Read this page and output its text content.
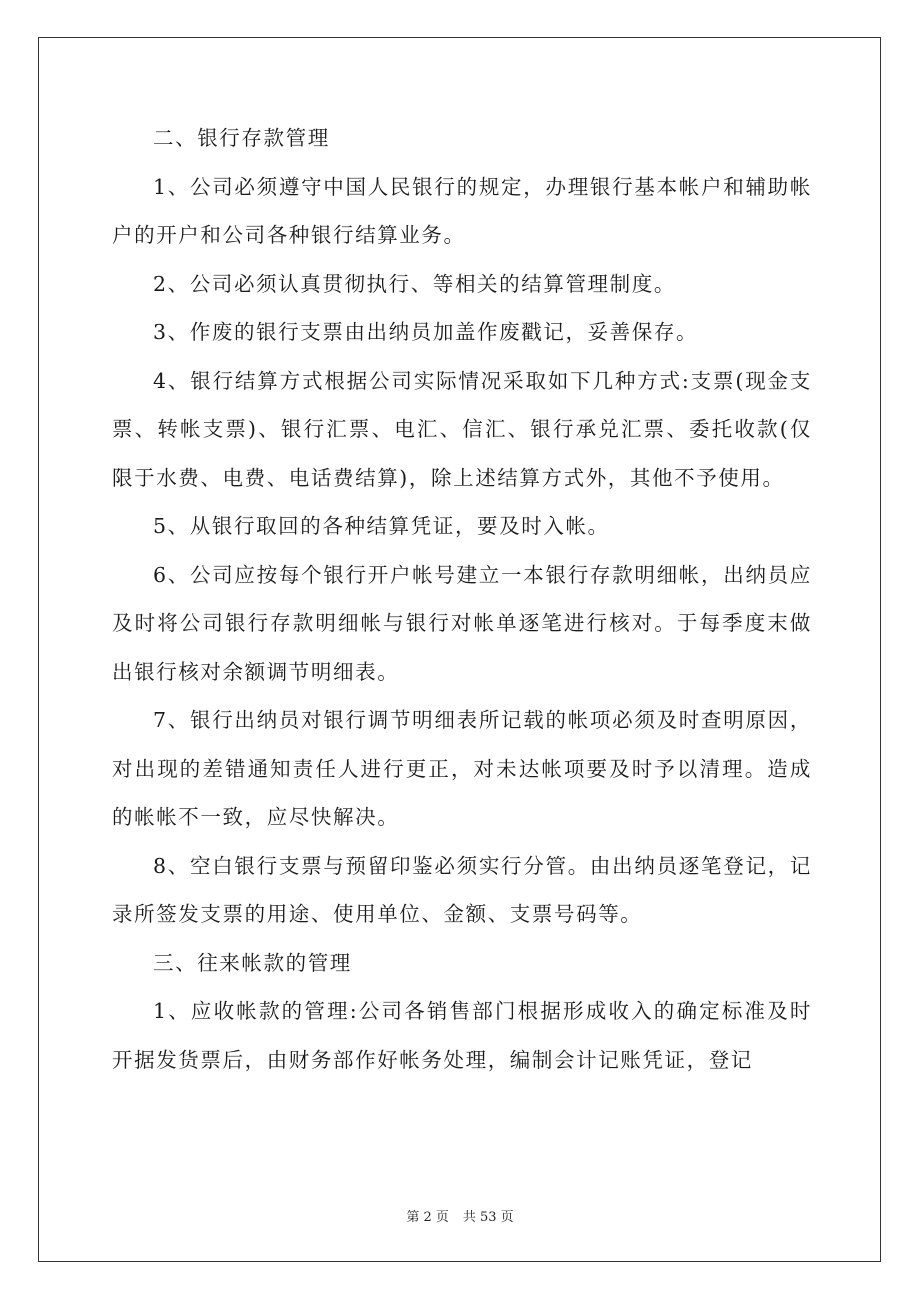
二、银行存款管理

1、公司必须遵守中国人民银行的规定，办理银行基本帐户和辅助帐户的开户和公司各种银行结算业务。

2、公司必须认真贯彻执行、等相关的结算管理制度。

3、作废的银行支票由出纳员加盖作废戳记，妥善保存。

4、银行结算方式根据公司实际情况采取如下几种方式:支票(现金支票、转帐支票)、银行汇票、电汇、信汇、银行承兑汇票、委托收款(仅限于水费、电费、电话费结算)，除上述结算方式外，其他不予使用。

5、从银行取回的各种结算凭证，要及时入帐。

6、公司应按每个银行开户帐号建立一本银行存款明细帐，出纳员应及时将公司银行存款明细帐与银行对帐单逐笔进行核对。于每季度末做出银行核对余额调节明细表。

7、银行出纳员对银行调节明细表所记载的帐项必须及时查明原因，对出现的差错通知责任人进行更正，对未达帐项要及时予以清理。造成的帐帐不一致，应尽快解决。

8、空白银行支票与预留印鉴必须实行分管。由出纳员逐笔登记，记录所签发支票的用途、使用单位、金额、支票号码等。

三、往来帐款的管理

1、应收帐款的管理:公司各销售部门根据形成收入的确定标准及时开据发货票后，由财务部作好帐务处理，编制会计记账凭证，登记

第 2 页 共 53 页
